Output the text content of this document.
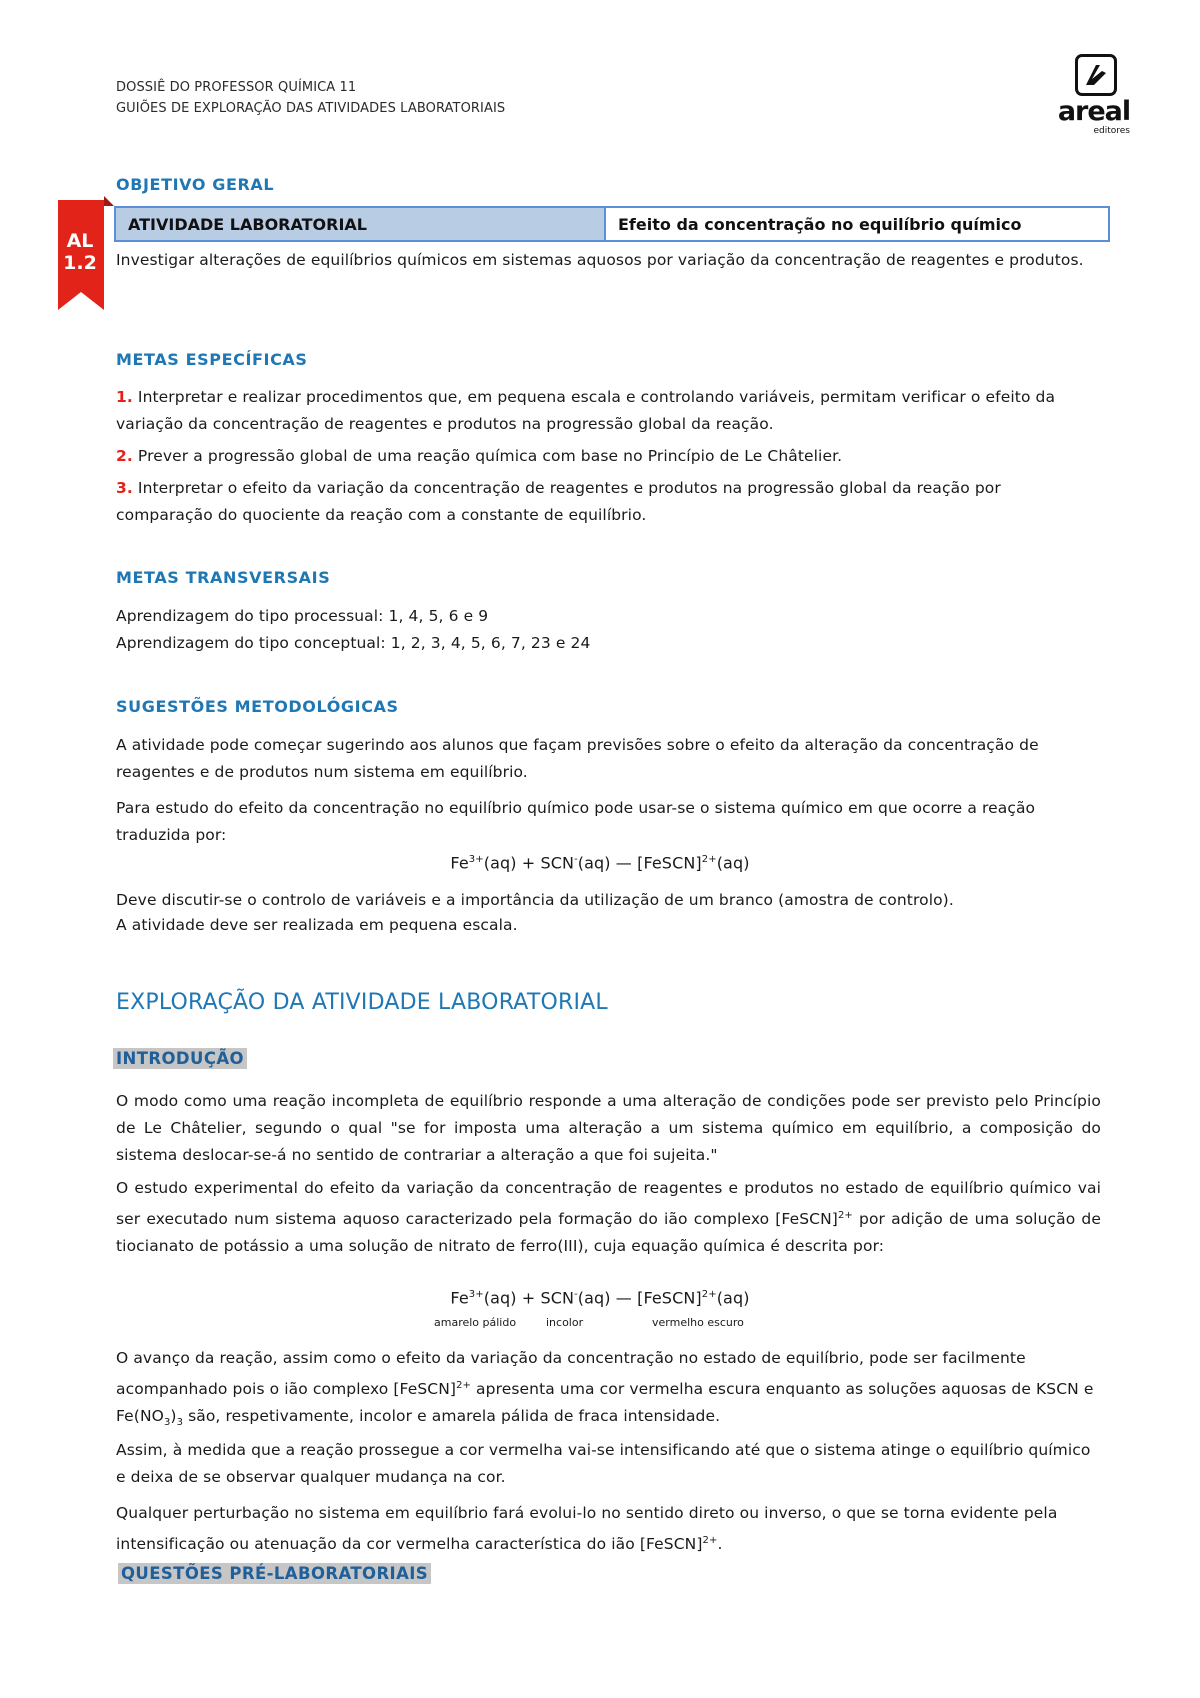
DOSSIÊ DO PROFESSOR QUÍMICA 11
GUIÕES DE EXPLORAÇÃO DAS ATIVIDADES LABORATORIAIS	areal
editores
AL
1.2
OBJETIVO GERAL
ATIVIDADE LABORATORIAL	Efeito da concentração no equilíbrio químico
Investigar alterações de equilíbrios químicos em sistemas aquosos por variação da concentração de reagentes e produtos.
METAS ESPECÍFICAS
1. Interpretar e realizar procedimentos que, em pequena escala e controlando variáveis, permitam verificar o efeito da variação da concentração de reagentes e produtos na progressão global da reação.
2. Prever a progressão global de uma reação química com base no Princípio de Le Châtelier.
3. Interpretar o efeito da variação da concentração de reagentes e produtos na progressão global da reação por comparação do quociente da reação com a constante de equilíbrio.
METAS TRANSVERSAIS
Aprendizagem do tipo processual: 1, 4, 5, 6 e 9
Aprendizagem do tipo conceptual: 1, 2, 3, 4, 5, 6, 7, 23 e 24
SUGESTÕES METODOLÓGICAS
A atividade pode começar sugerindo aos alunos que façam previsões sobre o efeito da alteração da concentração de reagentes e de produtos num sistema em equilíbrio.
Para estudo do efeito da concentração no equilíbrio químico pode usar-se o sistema químico em que ocorre a reação traduzida por:
$Fe^{3+}(aq) + SCN^-(aq)$ — [FeSCN]$^{2+}$(aq)
Deve discutir-se o controlo de variáveis e a importância da utilização de um branco (amostra de controlo).
A atividade deve ser realizada em pequena escala.
EXPLORAÇÃO DA ATIVIDADE LABORATORIAL
INTRODUÇÃO
O modo como uma reação incompleta de equilíbrio responde a uma alteração de condições pode ser previsto pelo Princípio de Le Châtelier, segundo o qual "se for imposta uma alteração a um sistema químico em equilíbrio, a composição do sistema deslocar-se-á no sentido de contrariar a alteração a que foi sujeita."
O estudo experimental do efeito da variação da concentração de reagentes e produtos no estado de equilíbrio químico vai ser executado num sistema aquoso caracterizado pela formação do ião complexo [FeSCN]$^{2+}$ por adição de uma solução de tiocianato de potássio a uma solução de nitrato de ferro(III), cuja equação química é descrita por:
$Fe^{3+}(aq) + SCN^-(aq)$ — [FeSCN]$^{2+}$(aq)
amarelo pálido	incolor	vermelho escuro
O avanço da reação, assim como o efeito da variação da concentração no estado de equilíbrio, pode ser facilmente acompanhado pois o ião complexo [FeSCN]$^{2+}$ apresenta uma cor vermelha escura enquanto as soluções aquosas de KSCN e $Fe(NO_3)_3$ são, respetivamente, incolor e amarela pálida de fraca intensidade.
Assim, à medida que a reação prossegue a cor vermelha vai-se intensificando até que o sistema atinge o equilíbrio químico e deixa de se observar qualquer mudança na cor.
Qualquer perturbação no sistema em equilíbrio fará evolui-lo no sentido direto ou inverso, o que se torna evidente pela intensificação ou atenuação da cor vermelha característica do ião [FeSCN]$^{2+}$.
QUESTÕES PRÉ-LABORATORIAIS
